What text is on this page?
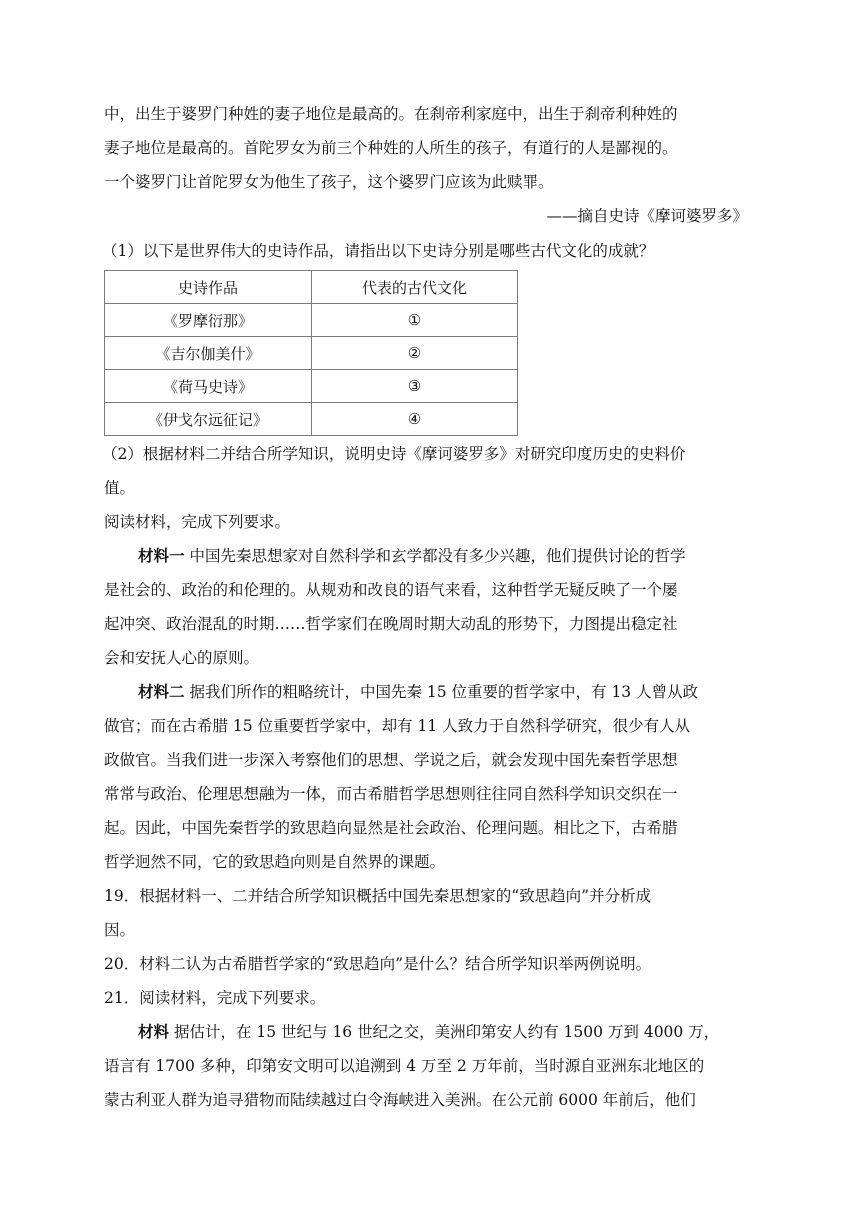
中，出生于婆罗门种姓的妻子地位是最高的。在刹帝利家庭中，出生于刹帝利种姓的
妻子地位是最高的。首陀罗女为前三个种姓的人所生的孩子，有道行的人是鄙视的。
一个婆罗门让首陀罗女为他生了孩子，这个婆罗门应该为此赎罪。
——摘自史诗《摩诃婆罗多》
（1）以下是世界伟大的史诗作品，请指出以下史诗分别是哪些古代文化的成就？
史诗作品	代表的古代文化
《罗摩衍那》	①
《吉尔伽美什》	②
《荷马史诗》	③
《伊戈尔远征记》	④
（2）根据材料二并结合所学知识，说明史诗《摩诃婆罗多》对研究印度历史的史料价
值。
阅读材料，完成下列要求。
材料一 中国先秦思想家对自然科学和玄学都没有多少兴趣，他们提供讨论的哲学
是社会的、政治的和伦理的。从规劝和改良的语气来看，这种哲学无疑反映了一个屡
起冲突、政治混乱的时期……哲学家们在晚周时期大动乱的形势下，力图提出稳定社
会和安抚人心的原则。
材料二 据我们所作的粗略统计，中国先秦 15 位重要的哲学家中，有 13 人曾从政
做官；而在古希腊 15 位重要哲学家中，却有 11 人致力于自然科学研究，很少有人从
政做官。当我们进一步深入考察他们的思想、学说之后，就会发现中国先秦哲学思想
常常与政治、伦理思想融为一体，而古希腊哲学思想则往往同自然科学知识交织在一
起。因此，中国先秦哲学的致思趋向显然是社会政治、伦理问题。相比之下，古希腊
哲学迥然不同，它的致思趋向则是自然界的课题。
19．根据材料一、二并结合所学知识概括中国先秦思想家的“致思趋向”并分析成
因。
20．材料二认为古希腊哲学家的“致思趋向”是什么？结合所学知识举两例说明。
21．阅读材料，完成下列要求。
材料 据估计，在 15 世纪与 16 世纪之交，美洲印第安人约有 1500 万到 4000 万，
语言有 1700 多种，印第安文明可以追溯到 4 万至 2 万年前，当时源自亚洲东北地区的
蒙古利亚人群为追寻猎物而陆续越过白令海峡进入美洲。在公元前 6000 年前后，他们
